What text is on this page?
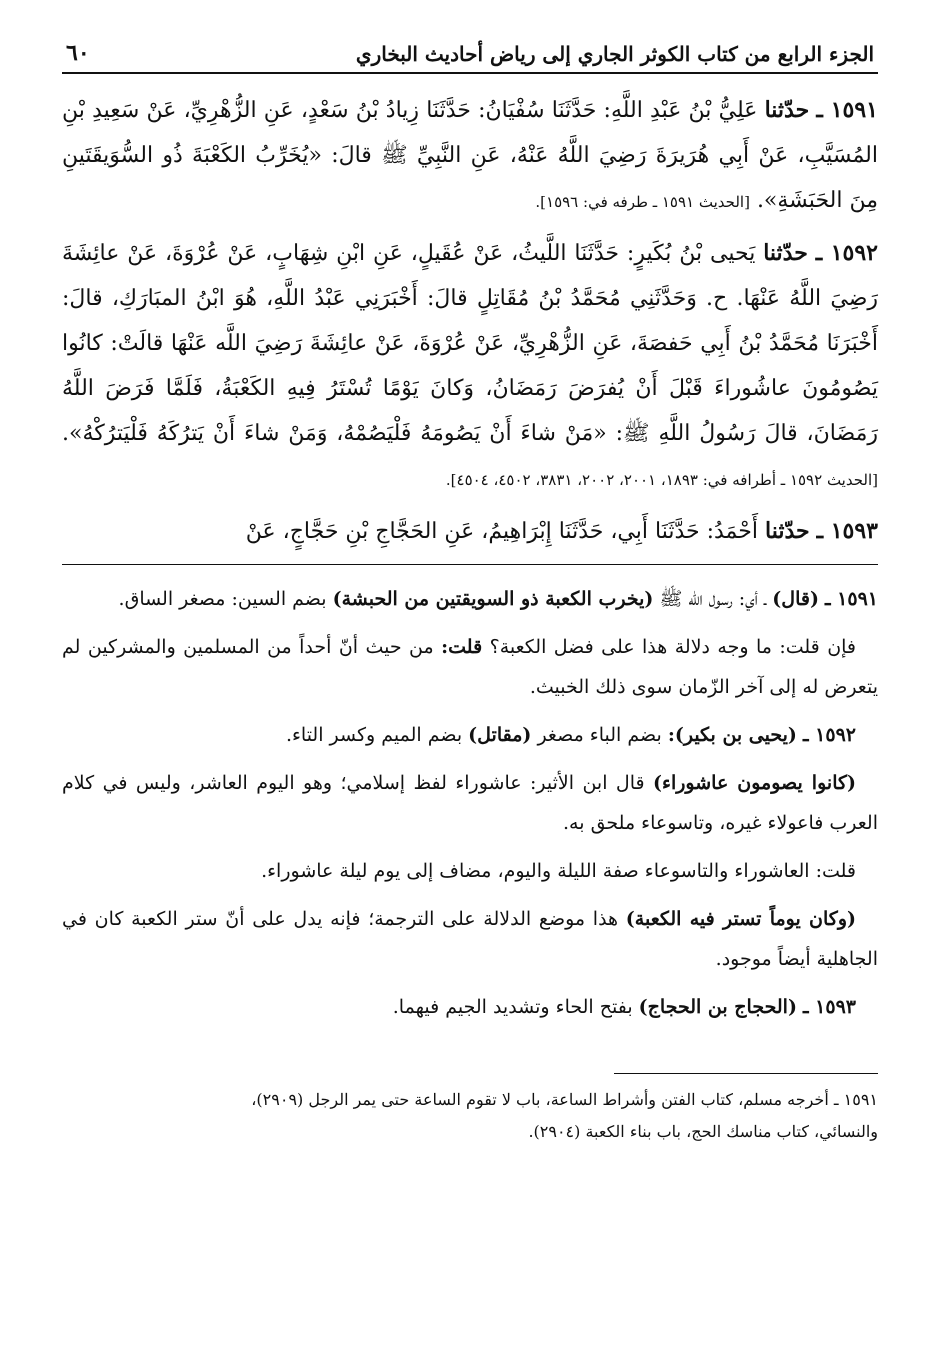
الجزء الرابع من كتاب الكوثر الجاري إلى رياض أحاديث البخاري
٦٠

١٥٩١ ـ حدّثنا عَلِيُّ بْنُ عَبْدِ اللَّهِ: حَدَّثَنَا سُفْيَانُ: حَدَّثَنَا زِيادُ بْنُ سَعْدٍ، عَنِ الزُّهْرِيِّ، عَنْ سَعِيدِ بْنِ المُسَيَّبِ، عَنْ أَبِي هُرَيرَةَ رَضِيَ اللَّهُ عَنْهُ، عَنِ النَّبِيِّ ﷺ قالَ: «يُخَرِّبُ الكَعْبَةَ ذُو السُّوَيقَتَينِ مِنَ الحَبَشَةِ». [الحديث ١٥٩١ ـ طرفه في: ١٥٩٦].

١٥٩٢ ـ حدّثنا يَحيى بْنُ بُكَيرٍ: حَدَّثَنَا اللَّيثُ، عَنْ عُقَيلٍ، عَنِ ابْنِ شِهَابٍ، عَنْ عُرْوَةَ، عَنْ عائِشَةَ رَضِيَ اللَّهُ عَنْهَا. ح. وَحَدَّثَنِي مُحَمَّدُ بْنُ مُقَاتِلٍ قالَ: أَخْبَرَنِي عَبْدُ اللَّهِ، هُوَ ابْنُ المبَارَكِ، قالَ: أَخْبَرَنَا مُحَمَّدُ بْنُ أَبِي حَفصَةَ، عَنِ الزُّهْرِيِّ، عَنْ عُرْوَةَ، عَنْ عائِشَةَ رَضِيَ اللَّه عَنْهَا قالَتْ: كانُوا يَصُومُونَ عاشُوراءَ قَبْلَ أَنْ يُفرَضَ رَمَضَانُ، وَكانَ يَوْمًا تُسْتَرُ فِيهِ الكَعْبَةُ، فَلَمَّا فَرَضَ اللَّهُ رَمَضَانَ، قالَ رَسُولُ اللَّهِ ﷺ: «مَنْ شاءَ أَنْ يَصُومَهُ فَلْيَصُمْهُ، وَمَنْ شاءَ أَنْ يَترُكَهُ فَلْيَترُكْهُ». [الحديث ١٥٩٢ ـ أطرافه في: ١٨٩٣، ٢٠٠١، ٢٠٠٢، ٣٨٣١، ٤٥٠٢، ٤٥٠٤].

١٥٩٣ ـ حدّثنا أَحْمَدُ: حَدَّثَنَا أَبِي، حَدَّثَنَا إِبْرَاهِيمُ، عَنِ الحَجَّاجِ بْنِ حَجَّاجٍ، عَنْ

١٥٩١ ـ (قال) ـ أي: رسول الله ﷺ (يخرب الكعبة ذو السويقتين من الحبشة) بضم السين: مصغر الساق.

فإن قلت: ما وجه دلالة هذا على فضل الكعبة؟ قلت: من حيث أنّ أحداً من المسلمين والمشركين لم يتعرض له إلى آخر الزّمان سوى ذلك الخبيث.

١٥٩٢ ـ (يحيى بن بكير): بضم الباء مصغر (مقاتل) بضم الميم وكسر التاء.

(كانوا يصومون عاشوراء) قال ابن الأثير: عاشوراء لفظ إسلامي؛ وهو اليوم العاشر، وليس في كلام العرب فاعولاء غيره، وتاسوعاء ملحق به.

قلت: العاشوراء والتاسوعاء صفة الليلة واليوم، مضاف إلى يوم ليلة عاشوراء.

(وكان يوماً تستر فيه الكعبة) هذا موضع الدلالة على الترجمة؛ فإنه يدل على أنّ ستر الكعبة كان في الجاهلية أيضاً موجود.

١٥٩٣ ـ (الحجاج بن الحجاج) بفتح الحاء وتشديد الجيم فيهما.

١٥٩١ ـ أخرجه مسلم، كتاب الفتن وأشراط الساعة، باب لا تقوم الساعة حتى يمر الرجل (٢٩٠٩)،

والنسائي، كتاب مناسك الحج، باب بناء الكعبة (٢٩٠٤).
